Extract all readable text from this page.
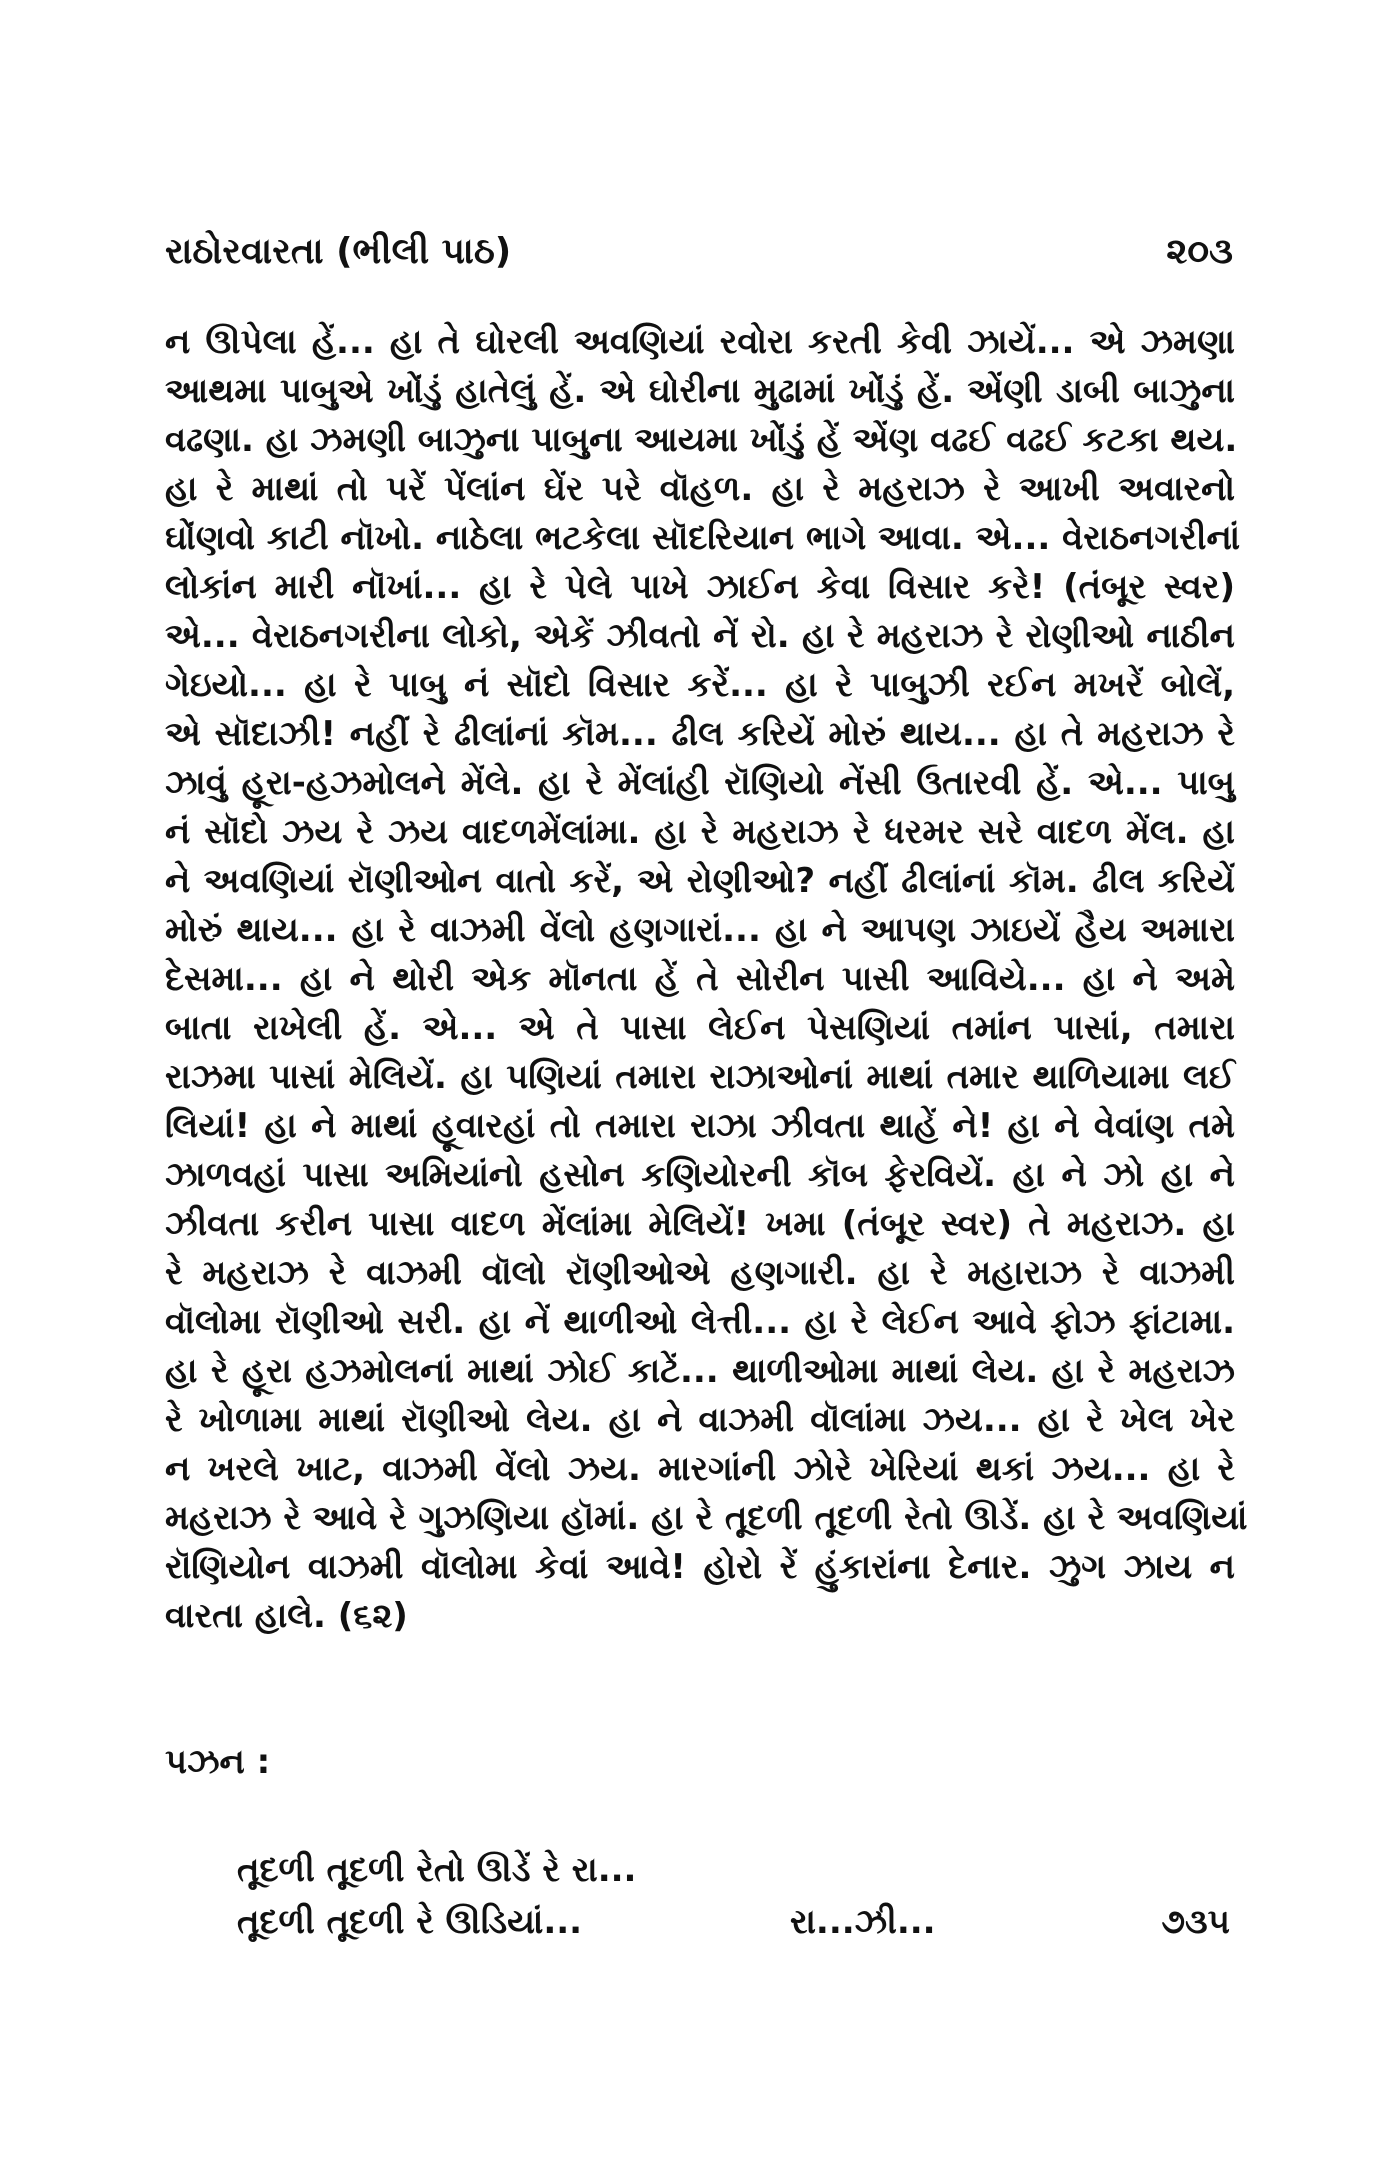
રાઠોરવારતા (ભીલી પાઠ)	૨૦૩
ન ઊપેલા હેં... હા તે ઘોરલી અવણિયાં રવોરા કરતી કેવી ઝાયેં... એ ઝમણા
આથમા પાબુએ ખોંડું હાતેલું હેં. એ ઘોરીના મુઢામાં ખોંડું હેં. એંણી ડાબી બાઝુના
વઢણા. હા ઝમણી બાઝુના પાબુના આયમા ખોંડું હેં એંણ વઢઈ વઢઈ કટકા થય.
હા રે માથાં તો પરેં પેંલાંન ઘેંર પરે વૉહળ. હા રે મહરાઝ રે આખી અવારનો
ઘોંણવો કાટી નૉખો. નાઠેલા ભટકેલા સૉદરિયાન ભાગે આવા. એ... વેરાઠનગરીનાં
લોકાંન મારી નૉખાં... હા રે પેલે પાખે ઝાઈન કેવા વિસાર કરે! (તંબૂર સ્વર)
એ... વેરાઠનગરીના લોકો, એકેં ઝીવતો નેં રો. હા રે મહરાઝ રે રોણીઓ નાઠીન
ગેઇયો... હા રે પાબુ નં સૉદો વિસાર કરેં... હા રે પાબુઝી રઈન મખરેં બોલેં,
એ સૉદાઝી! નહીં રે ઢીલાંનાં કૉમ... ઢીલ કરિયેં મોરું થાય... હા તે મહરાઝ રે
ઝાવું હૂરા-હઝમોલને મેંલે. હા રે મેંલાંહી રૉણિયો નેંસી ઉતારવી હેં. એ... પાબુ
નં સૉદો ઝય રે ઝય વાદળમેંલાંમા. હા રે મહરાઝ રે ધરમર સરે વાદળ મેંલ. હા
ને અવણિયાં રૉણીઓન વાતો કરેં, એ રોણીઓ? નહીં ઢીલાંનાં કૉમ. ઢીલ કરિયેં
મોરું થાય... હા રે વાઝમી વેંલો હણગારાં... હા ને આપણ ઝાઇયેં હૈય અમારા
દેસમા... હા ને થોરી એક મૉનતા હેં તે સોરીન પાસી આવિયે... હા ને અમે
બાતા રાખેલી હેં. એ... એ તે પાસા લેઈન પેસણિયાં તમાંન પાસાં, તમારા
રાઝમા પાસાં મેલિયેં. હા પણિયાં તમારા રાઝાઓનાં માથાં તમાર થાળિયામા લઈ
લિયાં! હા ને માથાં હૂવારહાં તો તમારા રાઝા ઝીવતા થાહેં ને! હા ને વેવાંણ તમે
ઝાળવહાં પાસા અમિયાંનો હસોન કણિયોરની કૉબ ફેરવિયેં. હા ને ઝો હા ને
ઝીવતા કરીન પાસા વાદળ મેંલાંમા મેલિયેં! ખમા (તંબૂર સ્વર) તે મહરાઝ. હા
રે મહરાઝ રે વાઝમી વૉલો રૉણીઓએ હણગારી. હા રે મહારાઝ રે વાઝમી
વૉલોમા રૉણીઓ સરી. હા નેં થાળીઓ લેત્તી... હા રે લેઈન આવે ફોઝ ફાંટામા.
હા રે હૂરા હઝમોલનાં માથાં ઝોઈ કાટેં... થાળીઓમા માથાં લેય. હા રે મહરાઝ
રે ખોળામા માથાં રૉણીઓ લેય. હા ને વાઝમી વૉલાંમા ઝય... હા રે ખેલ ખેર
ન ખરલે ખાટ, વાઝમી વેંલો ઝય. મારગાંની ઝોરે ખેરિયાં થકાં ઝય... હા રે
મહરાઝ રે આવે રે ગુઝણિયા હૉમાં. હા રે તૂદળી તૂદળી રેતો ઊડેં. હા રે અવણિયાં
રૉણિયોન વાઝમી વૉલોમા કેવાં આવે! હોરો રેં હુંકારાંના દેનાર. ઝુગ ઝાય ન
વારતા હાલે. (૬૨)
પઝન :
તૂદળી તૂદળી રેતો ઊડેં રે રા...
તૂદળી તૂદળી રે ઊડિયાં...	રા...ઝી...	૭૩૫
